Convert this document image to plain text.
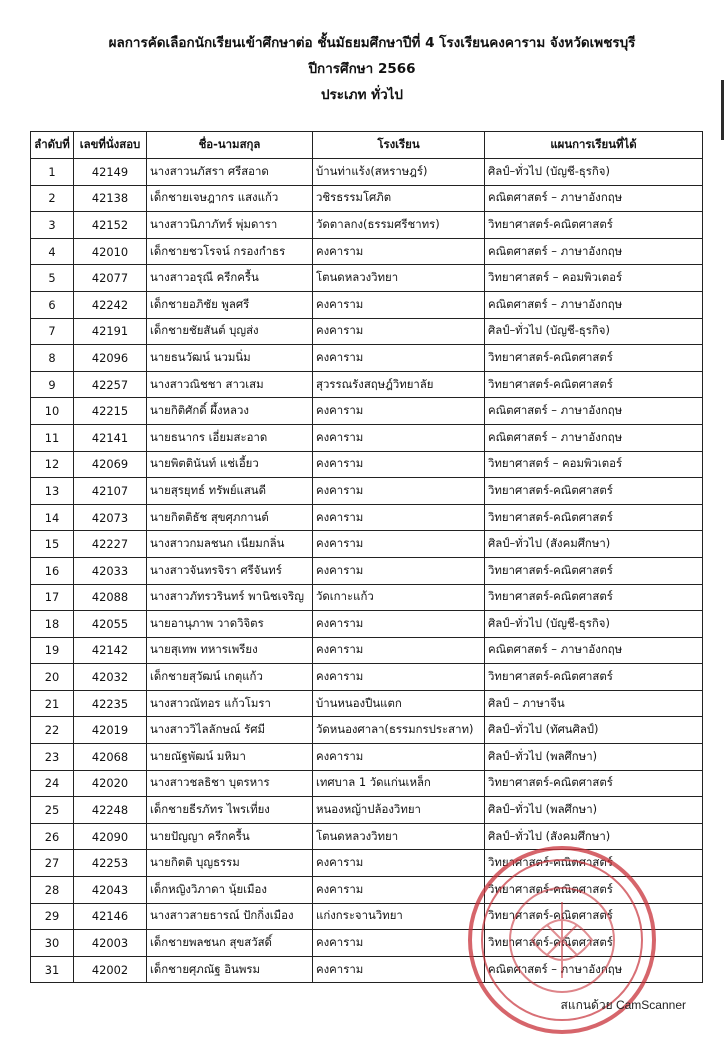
ผลการคัดเลือกนักเรียนเข้าศึกษาต่อ ชั้นมัธยมศึกษาปีที่ 4 โรงเรียนคงคาราม จังหวัดเพชรบุรี
ปีการศึกษา 2566
ประเภท ทั่วไป
ลำดับที่	เลขที่นั่งสอบ	ชื่อ-นามสกุล	โรงเรียน	แผนการเรียนที่ได้
1	42149	นางสาวนภัสรา ศรีสอาด	บ้านท่าแร้ง(สหราษฎร์)	ศิลป์–ทั่วไป (บัญชี-ธุรกิจ)
2	42138	เด็กชายเจษฎากร แสงแก้ว	วชิรธรรมโศภิต	คณิตศาสตร์ – ภาษาอังกฤษ
3	42152	นางสาวนิภาภัทร์ พุ่มดารา	วัดตาลกง(ธรรมศรีชาทร)	วิทยาศาสตร์-คณิตศาสตร์
4	42010	เด็กชายชวโรจน์ กรองกำธร	คงคาราม	คณิตศาสตร์ – ภาษาอังกฤษ
5	42077	นางสาวอรุณี ครีกครื้น	โตนดหลวงวิทยา	วิทยาศาสตร์ – คอมพิวเตอร์
6	42242	เด็กชายอภิชัย พูลศรี	คงคาราม	คณิตศาสตร์ – ภาษาอังกฤษ
7	42191	เด็กชายชัยสันต์ บุญส่ง	คงคาราม	ศิลป์–ทั่วไป (บัญชี-ธุรกิจ)
8	42096	นายธนวัฒน์ นวมนิ่ม	คงคาราม	วิทยาศาสตร์-คณิตศาสตร์
9	42257	นางสาวณิชชา สาวเสม	สุวรรณรังสฤษฎ์วิทยาลัย	วิทยาศาสตร์-คณิตศาสตร์
10	42215	นายกิติศักดิ์ ผึ้งหลวง	คงคาราม	คณิตศาสตร์ – ภาษาอังกฤษ
11	42141	นายธนากร เอี่ยมสะอาด	คงคาราม	คณิตศาสตร์ – ภาษาอังกฤษ
12	42069	นายพิตตินันท์ แช่เอี้ยว	คงคาราม	วิทยาศาสตร์ – คอมพิวเตอร์
13	42107	นายสุรยุทธ์ ทรัพย์แสนดี	คงคาราม	วิทยาศาสตร์-คณิตศาสตร์
14	42073	นายกิตติธัช สุขศุภกานต์	คงคาราม	วิทยาศาสตร์-คณิตศาสตร์
15	42227	นางสาวกมลชนก เนียมกลิ่น	คงคาราม	ศิลป์–ทั่วไป (สังคมศึกษา)
16	42033	นางสาวจันทรจิรา ศรีจันทร์	คงคาราม	วิทยาศาสตร์-คณิตศาสตร์
17	42088	นางสาวภัทรวรินทร์ พานิชเจริญ	วัดเกาะแก้ว	วิทยาศาสตร์-คณิตศาสตร์
18	42055	นายอานุภาพ วาดวิจิตร	คงคาราม	ศิลป์–ทั่วไป (บัญชี-ธุรกิจ)
19	42142	นายสุเทพ ทหารเพรียง	คงคาราม	คณิตศาสตร์ – ภาษาอังกฤษ
20	42032	เด็กชายสุวัฒน์ เกตุแก้ว	คงคาราม	วิทยาศาสตร์-คณิตศาสตร์
21	42235	นางสาวณัทอร แก้วโมรา	บ้านหนองปืนแตก	ศิลป์ – ภาษาจีน
22	42019	นางสาววิไลลักษณ์ รัศมี	วัดหนองศาลา(ธรรมกรประสาท)	ศิลป์–ทั่วไป (ทัศนศิลป์)
23	42068	นายณัฐพัฒน์ มหิมา	คงคาราม	ศิลป์–ทั่วไป (พลศึกษา)
24	42020	นางสาวชลธิชา บุตรหาร	เทศบาล 1 วัดแก่นเหล็ก	วิทยาศาสตร์-คณิตศาสตร์
25	42248	เด็กชายธีรภัทร ไพรเที่ยง	หนองหญ้าปล้องวิทยา	ศิลป์–ทั่วไป (พลศึกษา)
26	42090	นายปัญญา ครีกครื้น	โตนดหลวงวิทยา	ศิลป์–ทั่วไป (สังคมศึกษา)
27	42253	นายกิตติ บุญธรรม	คงคาราม	วิทยาศาสตร์-คณิตศาสตร์
28	42043	เด็กหญิงวิภาดา นุ้ยเมือง	คงคาราม	วิทยาศาสตร์-คณิตศาสตร์
29	42146	นางสาวสายธารณ์ ปักกิ่งเมือง	แก่งกระจานวิทยา	วิทยาศาสตร์-คณิตศาสตร์
30	42003	เด็กชายพลชนก สุขสวัสดิ์	คงคาราม	วิทยาศาสตร์-คณิตศาสตร์
31	42002	เด็กชายศุภณัฐ อินพรม	คงคาราม	คณิตศาสตร์ – ภาษาอังกฤษ
สแกนด้วย CamScanner
